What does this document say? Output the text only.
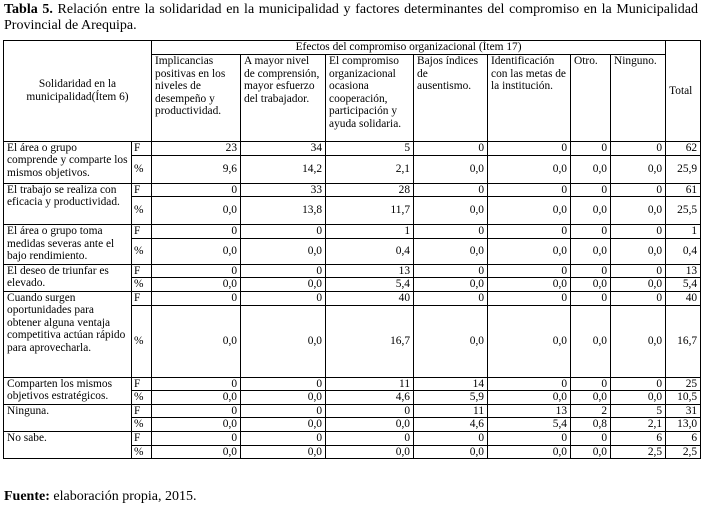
Tabla 5. Relación entre la solidaridad en la municipalidad y factores determinantes del compromiso en la Municipalidad Provincial de Arequipa.
Solidaridad en la municipalidad(Ítem 6)		Efectos del compromiso organizacional (Ítem 17)							Total
		Implicancias positivas en los niveles de desempeño y productividad.	A mayor nivel de comprensión, mayor esfuerzo del trabajador.	El compromiso organizacional ocasiona cooperación, participación y ayuda solidaria.	Bajos índices de ausentismo.	Identificación con las metas de la institución.	Otro.	Ninguno.	
El área o grupo comprende y comparte los mismos objetivos.	F	23	34	5	0	0	0	0	62
	%	9,6	14,2	2,1	0,0	0,0	0,0	0,0	25,9
El trabajo se realiza con eficacia y productividad.	F	0	33	28	0	0	0	0	61
	%	0,0	13,8	11,7	0,0	0,0	0,0	0,0	25,5
El área o grupo toma medidas severas ante el bajo rendimiento.	F	0	0	1	0	0	0	0	1
	%	0,0	0,0	0,4	0,0	0,0	0,0	0,0	0,4
El deseo de triunfar es elevado.	F	0	0	13	0	0	0	0	13
	%	0,0	0,0	5,4	0,0	0,0	0,0	0,0	5,4
Cuando surgen oportunidades para obtener alguna ventaja competitiva actúan rápido para aprovecharla.	F	0	0	40	0	0	0	0	40
	%	0,0	0,0	16,7	0,0	0,0	0,0	0,0	16,7
Comparten los mismos objetivos estratégicos.	F	0	0	11	14	0	0	0	25
	%	0,0	0,0	4,6	5,9	0,0	0,0	0,0	10,5
Ninguna.	F	0	0	0	11	13	2	5	31
	%	0,0	0,0	0,0	4,6	5,4	0,8	2,1	13,0
No sabe.	F	0	0	0	0	0	0	6	6
	%	0,0	0,0	0,0	0,0	0,0	0,0	2,5	2,5
Fuente: elaboración propia, 2015.
